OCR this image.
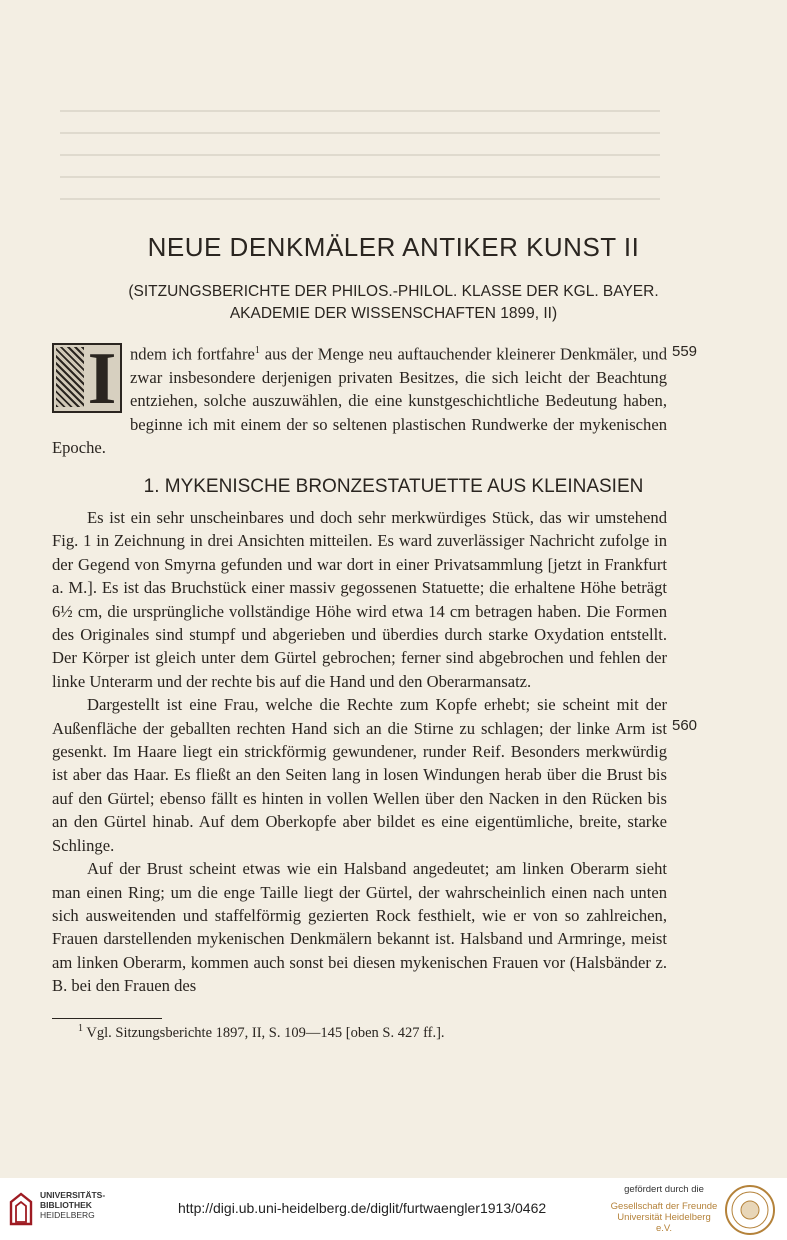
NEUE DENKMÄLER ANTIKER KUNST II
(SITZUNGSBERICHTE DER PHILOS.-PHILOL. KLASSE DER KGL. BAYER.
AKADEMIE DER WISSENSCHAFTEN 1899, II)
I ndem ich fortfahre$^1$ aus der Menge neu auftauchender kleinerer Denkmäler, und zwar insbesondere derjenigen privaten Besitzes, die sich leicht der Beachtung entziehen, solche auszuwählen, die eine kunstgeschichtliche Bedeutung haben, beginne ich mit einem der so seltenen plastischen Rundwerke der mykenischen Epoche.
559
560
1. MYKENISCHE BRONZESTATUETTE AUS KLEINASIEN

Es ist ein sehr unscheinbares und doch sehr merkwürdiges Stück, das wir umstehend Fig. 1 in Zeichnung in drei Ansichten mitteilen. Es ward zuverlässiger Nachricht zufolge in der Gegend von Smyrna gefunden und war dort in einer Privatsammlung [jetzt in Frankfurt a. M.]. Es ist das Bruchstück einer massiv gegossenen Statuette; die erhaltene Höhe beträgt 6½ cm, die ursprüngliche vollständige Höhe wird etwa 14 cm betragen haben. Die Formen des Originales sind stumpf und abgerieben und überdies durch starke Oxydation entstellt. Der Körper ist gleich unter dem Gürtel gebrochen; ferner sind abgebrochen und fehlen der linke Unterarm und der rechte bis auf die Hand und den Oberarmansatz.

Dargestellt ist eine Frau, welche die Rechte zum Kopfe erhebt; sie scheint mit der Außenfläche der geballten rechten Hand sich an die Stirne zu schlagen; der linke Arm ist gesenkt. Im Haare liegt ein strickförmig gewundener, runder Reif. Besonders merkwürdig ist aber das Haar. Es fließt an den Seiten lang in losen Windungen herab über die Brust bis auf den Gürtel; ebenso fällt es hinten in vollen Wellen über den Nacken in den Rücken bis an den Gürtel hinab. Auf dem Oberkopfe aber bildet es eine eigentümliche, breite, starke Schlinge.

Auf der Brust scheint etwas wie ein Halsband angedeutet; am linken Oberarm sieht man einen Ring; um die enge Taille liegt der Gürtel, der wahrscheinlich einen nach unten sich ausweitenden und staffelförmig gezierten Rock festhielt, wie er von so zahlreichen, Frauen darstellenden mykenischen Denkmälern bekannt ist. Halsband und Armringe, meist am linken Oberarm, kommen auch sonst bei diesen mykenischen Frauen vor (Halsbänder z. B. bei den Frauen des

$^1$ Vgl. Sitzungsberichte 1897, II, S. 109—145 [oben S. 427 ff.].
UNIVERSITÄTS-
BIBLIOTHEK
HEIDELBERG	http://digi.ub.uni-heidelberg.de/diglit/furtwaengler1913/0462
gefördert durch die
Gesellschaft der Freunde
Universität Heidelberg e.V.
